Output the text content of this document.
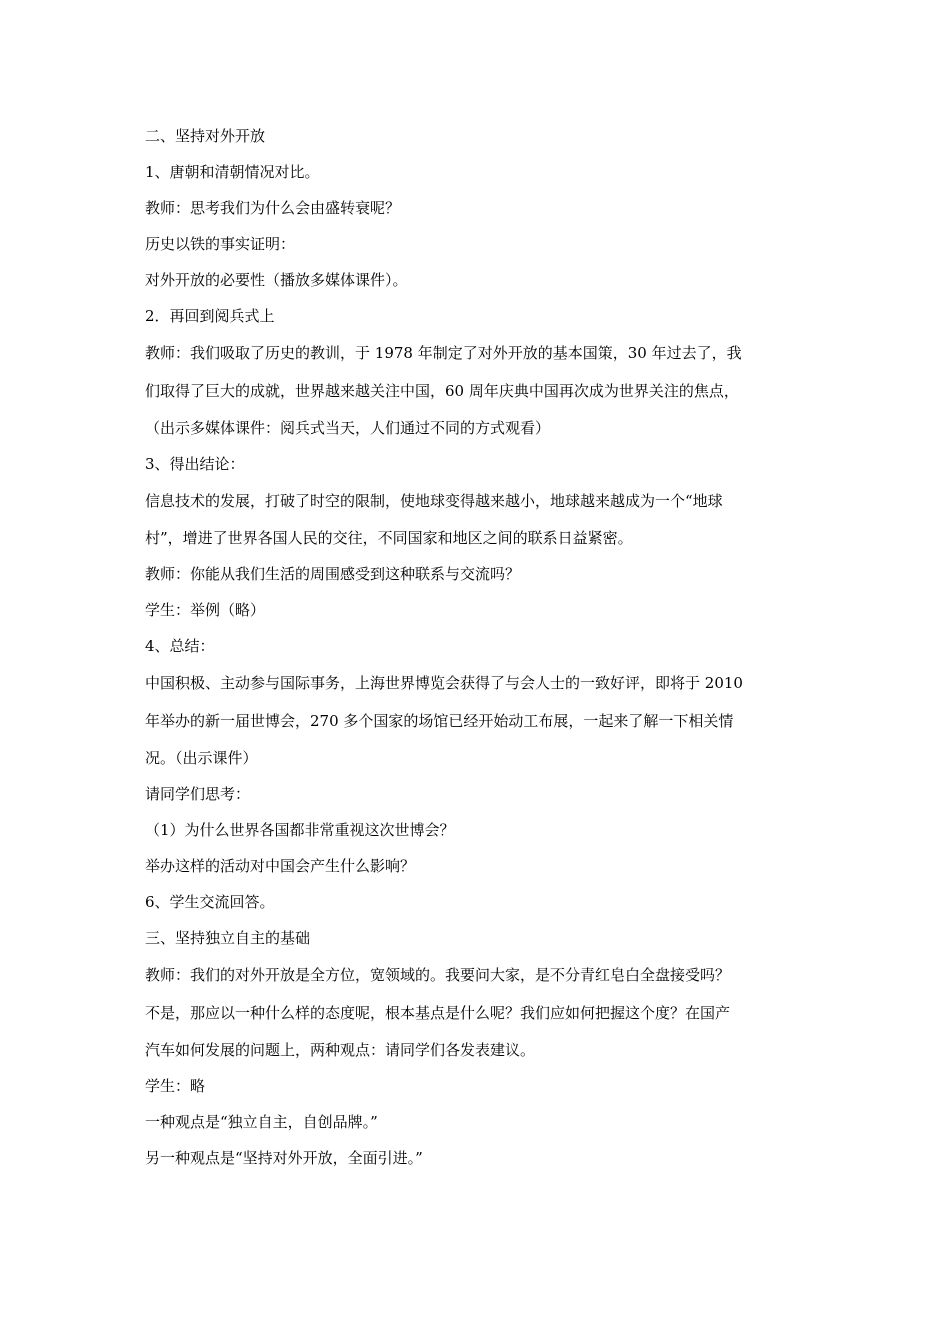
二、坚持对外开放
1、唐朝和清朝情况对比。
教师：思考我们为什么会由盛转衰呢？
历史以铁的事实证明：
对外开放的必要性（播放多媒体课件）。
2．再回到阅兵式上
教师：我们吸取了历史的教训，于 1978 年制定了对外开放的基本国策，30 年过去了，我
们取得了巨大的成就，世界越来越关注中国，60 周年庆典中国再次成为世界关注的焦点，
（出示多媒体课件：阅兵式当天，人们通过不同的方式观看）
3、得出结论：
信息技术的发展，打破了时空的限制，使地球变得越来越小，地球越来越成为一个“地球
村”，增进了世界各国人民的交往，不同国家和地区之间的联系日益紧密。
教师：你能从我们生活的周围感受到这种联系与交流吗？
学生：举例（略）
4、总结：
中国积极、主动参与国际事务，上海世界博览会获得了与会人士的一致好评，即将于 2010
年举办的新一届世博会，270 多个国家的场馆已经开始动工布展，一起来了解一下相关情
况。（出示课件）
请同学们思考：
（1）为什么世界各国都非常重视这次世博会？
举办这样的活动对中国会产生什么影响？
6、学生交流回答。
三、坚持独立自主的基础
教师：我们的对外开放是全方位，宽领域的。我要问大家，是不分青红皂白全盘接受吗？
不是，那应以一种什么样的态度呢，根本基点是什么呢？我们应如何把握这个度？在国产
汽车如何发展的问题上，两种观点：请同学们各发表建议。
学生：略
一种观点是“独立自主，自创品牌。”
另一种观点是“坚持对外开放，全面引进。”
